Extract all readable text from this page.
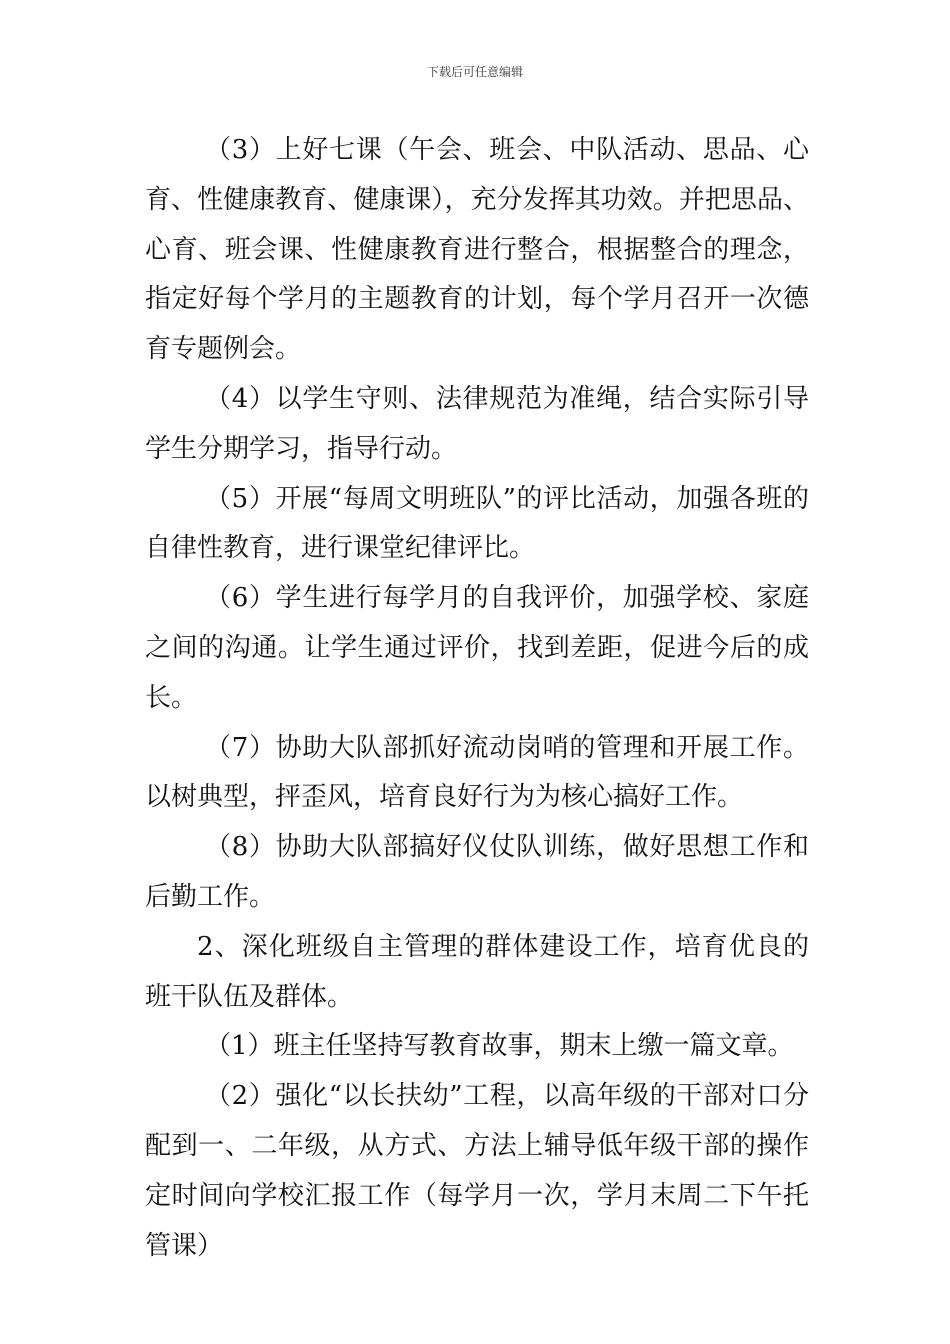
下载后可任意编辑

（3）上好七课（午会、班会、中队活动、思品、心育、性健康教育、健康课），充分发挥其功效。并把思品、心育、班会课、性健康教育进行整合，根据整合的理念，指定好每个学月的主题教育的计划，每个学月召开一次德育专题例会。

（4）以学生守则、法律规范为准绳，结合实际引导学生分期学习，指导行动。

（5）开展“每周文明班队”的评比活动，加强各班的自律性教育，进行课堂纪律评比。

（6）学生进行每学月的自我评价，加强学校、家庭之间的沟通。让学生通过评价，找到差距，促进今后的成长。

（7）协助大队部抓好流动岗哨的管理和开展工作。以树典型，抨歪风，培育良好行为为核心搞好工作。

（8）协助大队部搞好仪仗队训练，做好思想工作和后勤工作。

2、深化班级自主管理的群体建设工作，培育优良的班干队伍及群体。

（1）班主任坚持写教育故事，期末上缴一篇文章。

（2）强化“以长扶幼”工程，以高年级的干部对口分配到一、二年级，从方式、方法上辅导低年级干部的操作定时间向学校汇报工作（每学月一次，学月末周二下午托管课）
